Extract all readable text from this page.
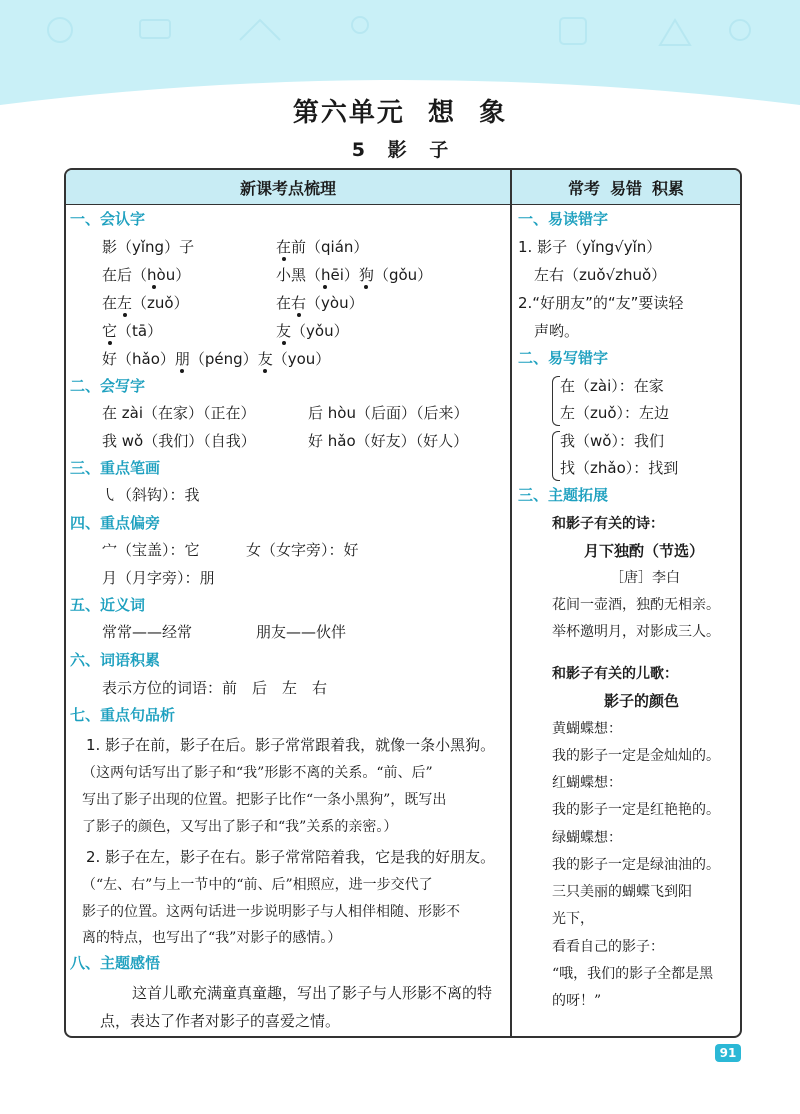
第六单元 想 象
5 影 子
新课考点梳理	常考 易错 积累
一、会认字
影（yǐng）子	在前（qián）
在后（hòu）	小黑（hēi）狗（gǒu）
在左（zuǒ）	在右（yòu）
它（tā）	友（yǒu）
好（hǎo）朋（péng）友（you）
二、会写字
在 zài（在家）（正在）	后 hòu（后面）（后来）
我 wǒ（我们）（自我）	好 hǎo（好友）（好人）
三、重点笔画
㇂（斜钩）：我
四、重点偏旁
宀（宝盖）：它	女（女字旁）：好
月（月字旁）：朋
五、近义词
常常——经常	朋友——伙伴
六、词语积累
表示方位的词语：前　后　左　右
七、重点句品析
1. 影子在前，影子在后。影子常常跟着我，就像一条小黑狗。
（这两句话写出了影子和“我”形影不离的关系。“前、后”
写出了影子出现的位置。把影子比作“一条小黑狗”，既写出
了影子的颜色，又写出了影子和“我”关系的亲密。）
2. 影子在左，影子在右。影子常常陪着我，它是我的好朋友。
（“左、右”与上一节中的“前、后”相照应，进一步交代了
影子的位置。这两句话进一步说明影子与人相伴相随、形影不
离的特点，也写出了“我”对影子的感情。）
八、主题感悟
这首儿歌充满童真童趣，写出了影子与人形影不离的特
点，表达了作者对影子的喜爱之情。
一、易读错字
1. 影子（yǐng√yǐn）
左右（zuǒ√zhuǒ）
2.“好朋友”的“友”要读轻
声哟。
二、易写错字
在（zài）：在家
左（zuǒ）：左边
我（wǒ）：我们
找（zhǎo）：找到
三、主题拓展
和影子有关的诗：
月下独酌（节选）
［唐］李白
花间一壶酒，独酌无相亲。
举杯邀明月，对影成三人。
和影子有关的儿歌：
影子的颜色
黄蝴蝶想：
我的影子一定是金灿灿的。
红蝴蝶想：
我的影子一定是红艳艳的。
绿蝴蝶想：
我的影子一定是绿油油的。
三只美丽的蝴蝶飞到阳
光下，
看看自己的影子：
“哦，我们的影子全都是黑
的呀！”
91
